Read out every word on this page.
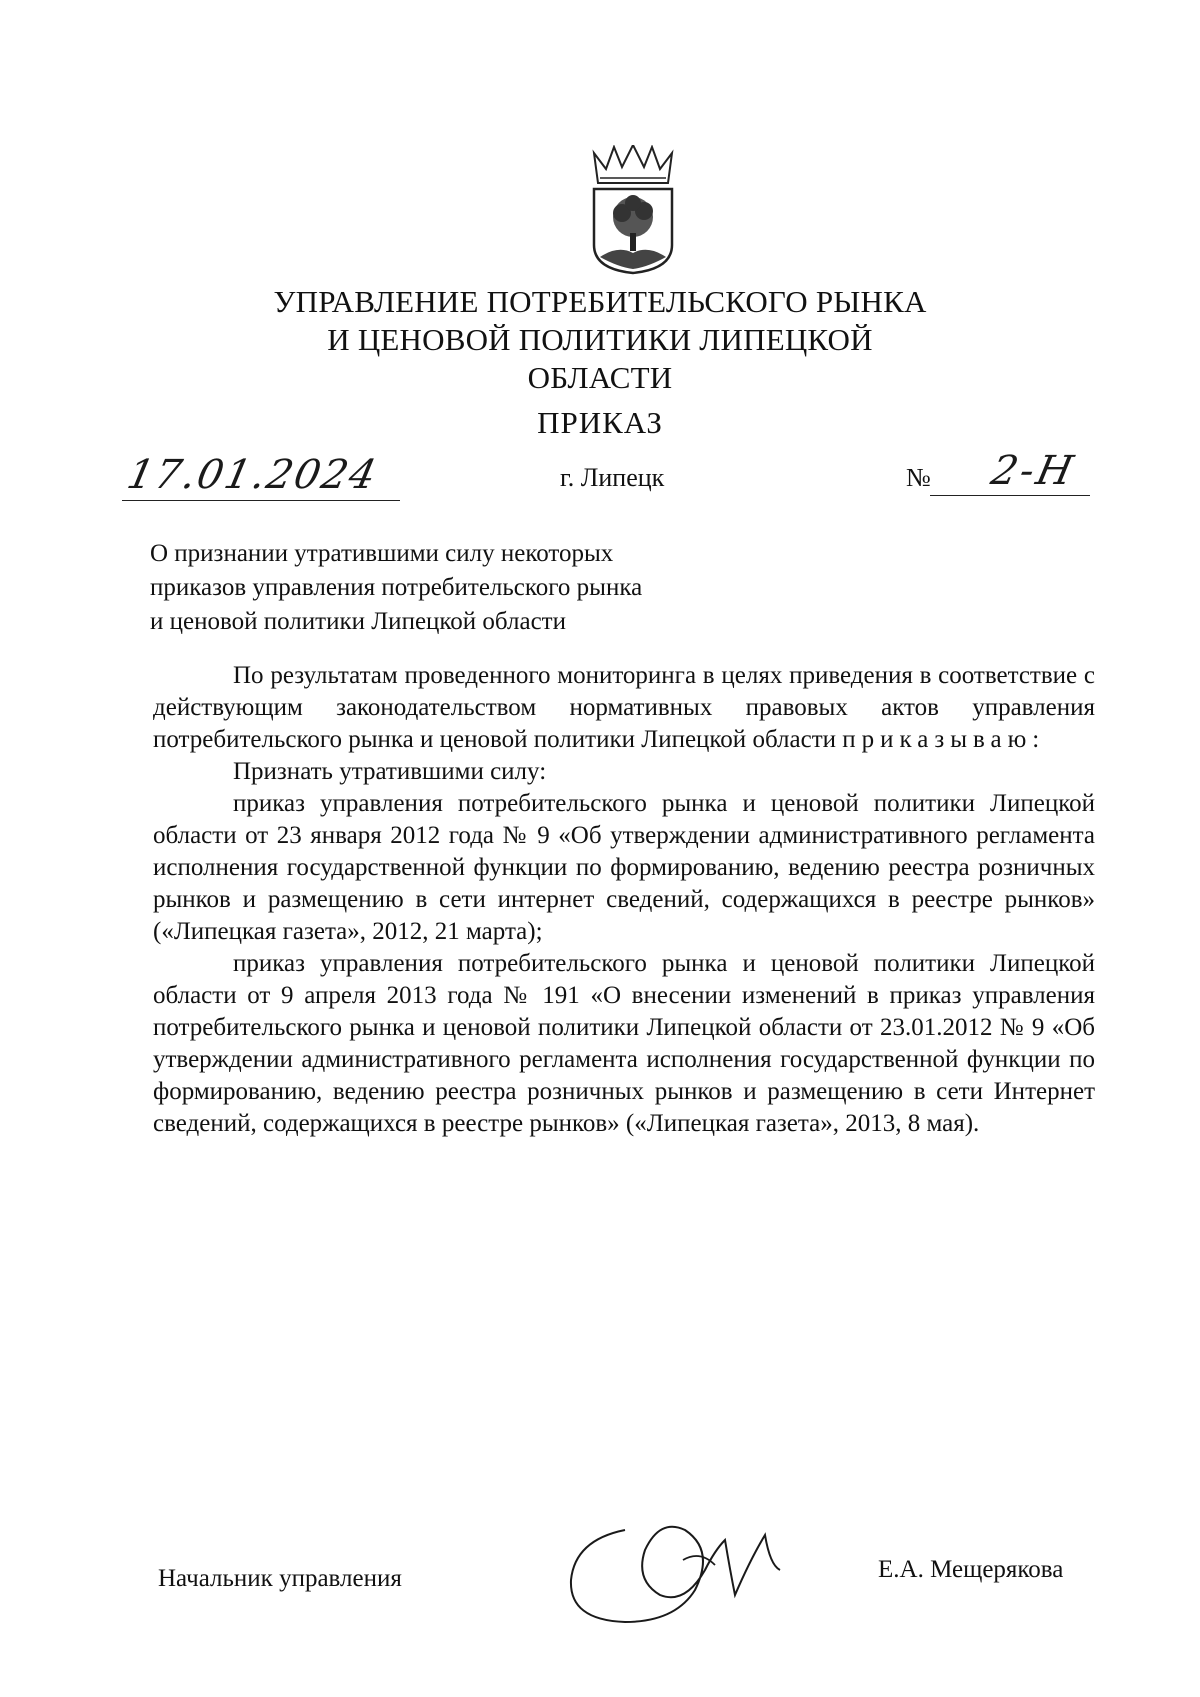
УПРАВЛЕНИЕ ПОТРЕБИТЕЛЬСКОГО РЫНКА
И ЦЕНОВОЙ ПОЛИТИКИ ЛИПЕЦКОЙ ОБЛАСТИ
ПРИКАЗ
17.01.2024	г. Липецк	№ 2-Н
О признании утратившими силу некоторых
приказов управления потребительского рынка
и ценовой политики Липецкой области

По результатам проведенного мониторинга в целях приведения в соответствие с действующим законодательством нормативных правовых актов управления потребительского рынка и ценовой политики Липецкой области приказываю:

Признать утратившими силу:

приказ управления потребительского рынка и ценовой политики Липецкой области от 23 января 2012 года № 9 «Об утверждении административного регламента исполнения государственной функции по формированию, ведению реестра розничных рынков и размещению в сети интернет сведений, содержащихся в реестре рынков» («Липецкая газета», 2012, 21 марта);

приказ управления потребительского рынка и ценовой политики Липецкой области от 9 апреля 2013 года № 191 «О внесении изменений в приказ управления потребительского рынка и ценовой политики Липецкой области от 23.01.2012 № 9 «Об утверждении административного регламента исполнения государственной функции по формированию, ведению реестра розничных рынков и размещению в сети Интернет сведений, содержащихся в реестре рынков» («Липецкая газета», 2013, 8 мая).

Начальник управления	Е.А. Мещерякова
